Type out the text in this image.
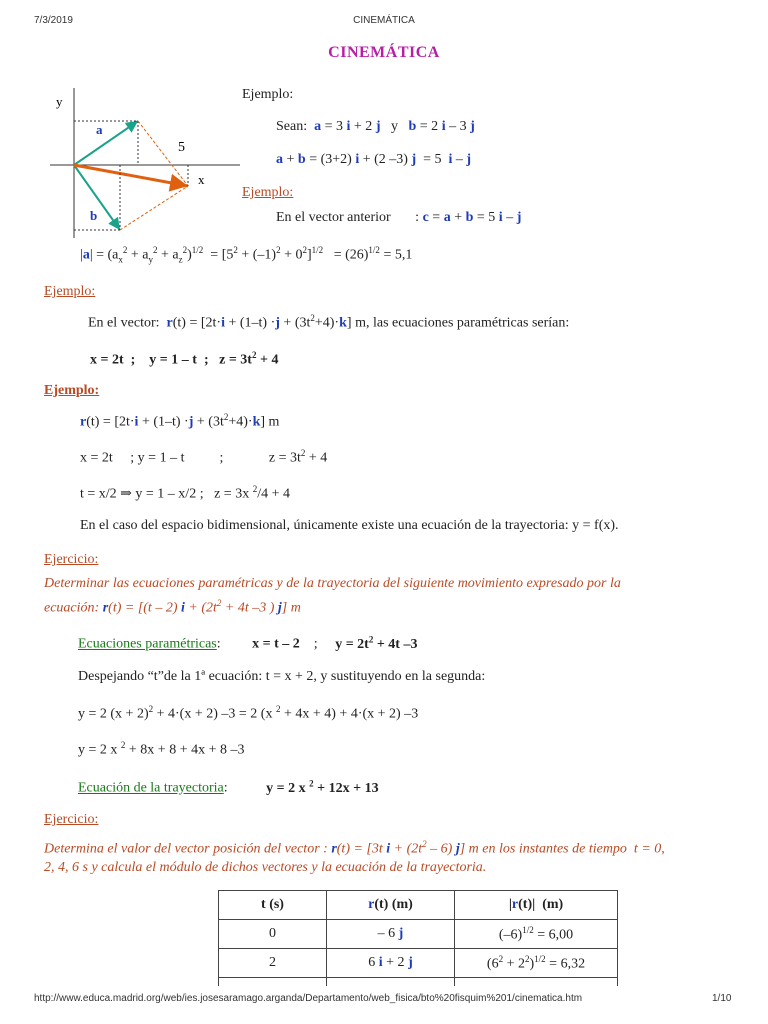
7/3/2019	CINEMÁTICA
CINEMÁTICA
y
x
a
b
5
Ejemplo:
Sean: a = 3 i + 2 j   y   b = 2 i – 3 j
a + b = (3+2) i + (2 –3) j  = 5  i – j
Ejemplo:
En el vector anterior       : c = a + b = 5 i – j
$|a| = (a_x^2 + a_y^2 + a_z^2)^{1/2} = [5^2 + (-1)^2 + 0^2]^{1/2} = (26)^{1/2} = 5,1$
Ejemplo:
En el vector: $r(t) = [2t\cdot i + (1-t) \cdot j + (3t^2+4)\cdot k]$ m, las ecuaciones paramétricas serían:
x = 2t  ;    y = 1 – t  ;   $z = 3t^2 + 4$
Ejemplo:
$r(t) = [2t\cdot i + (1-t) \cdot j + (3t^2+4)\cdot k]$ m
x = 2t     ; y = 1 – t          ;             $z = 3t^2 + 4$
t = x/2 ⇒ y = 1 – x/2 ;   z = 3x $^2$/4 + 4
En el caso del espacio bidimensional, únicamente existe una ecuación de la trayectoria: y = f(x).
Ejercicio:
Determinar las ecuaciones paramétricas y de la trayectoria del siguiente movimiento expresado por la
ecuación: r(t) = [(t – 2) $i + (2t^2 + 4t$ –3 ) j] m
Ecuaciones paramétricas:         x = t – 2    ;     $y = 2t^2 + 4t$ –3
Despejando “t”de la 1ª ecuación: t = x + 2, y sustituyendo en la segunda:
y = 2 $(x + 2)^2 + 4\cdot(x + 2)$ –3 = 2 (x $^2$ + 4x + 4) + 4·(x + 2) –3
y = 2 x $^2$ + 8x + 8 + 4x + 8 –3
Ecuación de la trayectoria:           y = 2 x $^2$ + 12x + 13
Ejercicio:
Determina el valor del vector posición del vector : r(t) = [3t $i + (2t^2 - 6)$ j] m en los instantes de tiempo  t = 0,
2, 4, 6 s y calcula el módulo de dichos vectores y la ecuación de la trayectoria.
t (s)	r(t) (m)	|r(t)|  (m)
0	– 6 j	$(-6)^{1/2} = 6,00$
2	6 i + 2 j	$(6^2 + 2^2)^{1/2} = 6,32$

http://www.educa.madrid.org/web/ies.josesaramago.arganda/Departamento/web_fisica/bto%20fisquim%201/cinematica.htm	1/10
